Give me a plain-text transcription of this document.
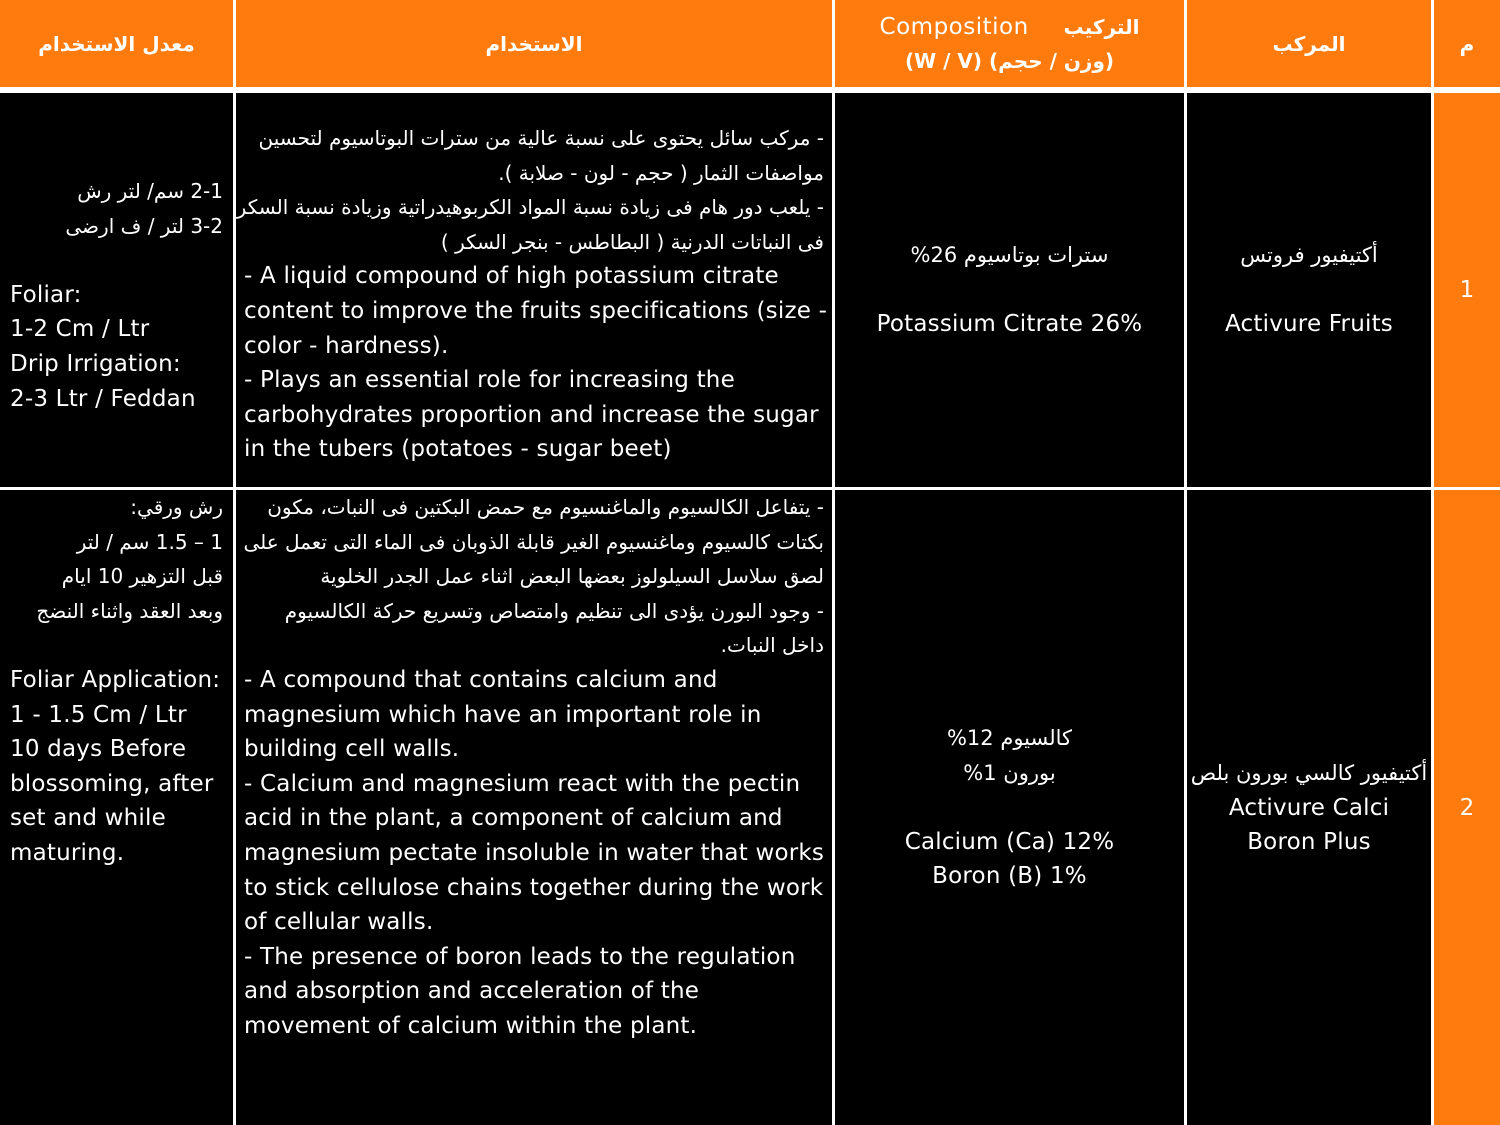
معدل الاستخدام	الاستخدام
Composition التركيب
(وزن / حجم) (W / V)
المركب	م
2-1 سم/ لتر رش
3-2 لتر / ف ارضى
Foliar:
1-2 Cm / Ltr
Drip Irrigation:
2-3 Ltr / Feddan
- مركب سائل يحتوى على نسبة عالية من سترات البوتاسيوم لتحسين
مواصفات الثمار ( حجم - لون - صلابة ).
- يلعب دور هام فى زيادة نسبة المواد الكربوهيدراتية وزيادة نسبة السكر
فى النباتات الدرنية ( البطاطس - بنجر السكر )
- A liquid compound of high potassium citrate
content to improve the fruits specifications (size -
color - hardness).
- Plays an essential role for increasing the
carbohydrates proportion and increase the sugar
in the tubers (potatoes - sugar beet)
سترات بوتاسيوم 26%
Potassium Citrate 26%
أكتيفيور فروتس
Activure Fruits
1
رش ورقي:
1 – 1.5 سم / لتر
قبل التزهير 10 ايام
وبعد العقد واثناء النضج
Foliar Application:
1 - 1.5 Cm / Ltr
10 days Before
blossoming, after
set and while
maturing.
- يتفاعل الكالسيوم والماغنسيوم مع حمض البكتين فى النبات، مكون
بكتات كالسيوم وماغنسيوم الغير قابلة الذوبان فى الماء التى تعمل على
لصق سلاسل السيلولوز بعضها البعض اثناء عمل الجدر الخلوية
- وجود البورن يؤدى الى تنظيم وامتصاص وتسريع حركة الكالسيوم
داخل النبات.
- A compound that contains calcium and
magnesium which have an important role in
building cell walls.
- Calcium and magnesium react with the pectin
acid in the plant, a component of calcium and
magnesium pectate insoluble in water that works
to stick cellulose chains together during the work
of cellular walls.
- The presence of boron leads to the regulation
and absorption and acceleration of the
movement of calcium within the plant.
كالسيوم 12%
بورون 1%
Calcium (Ca) 12%
Boron (B) 1%
أكتيفيور كالسي بورون بلص
Activure Calci
Boron Plus
2
